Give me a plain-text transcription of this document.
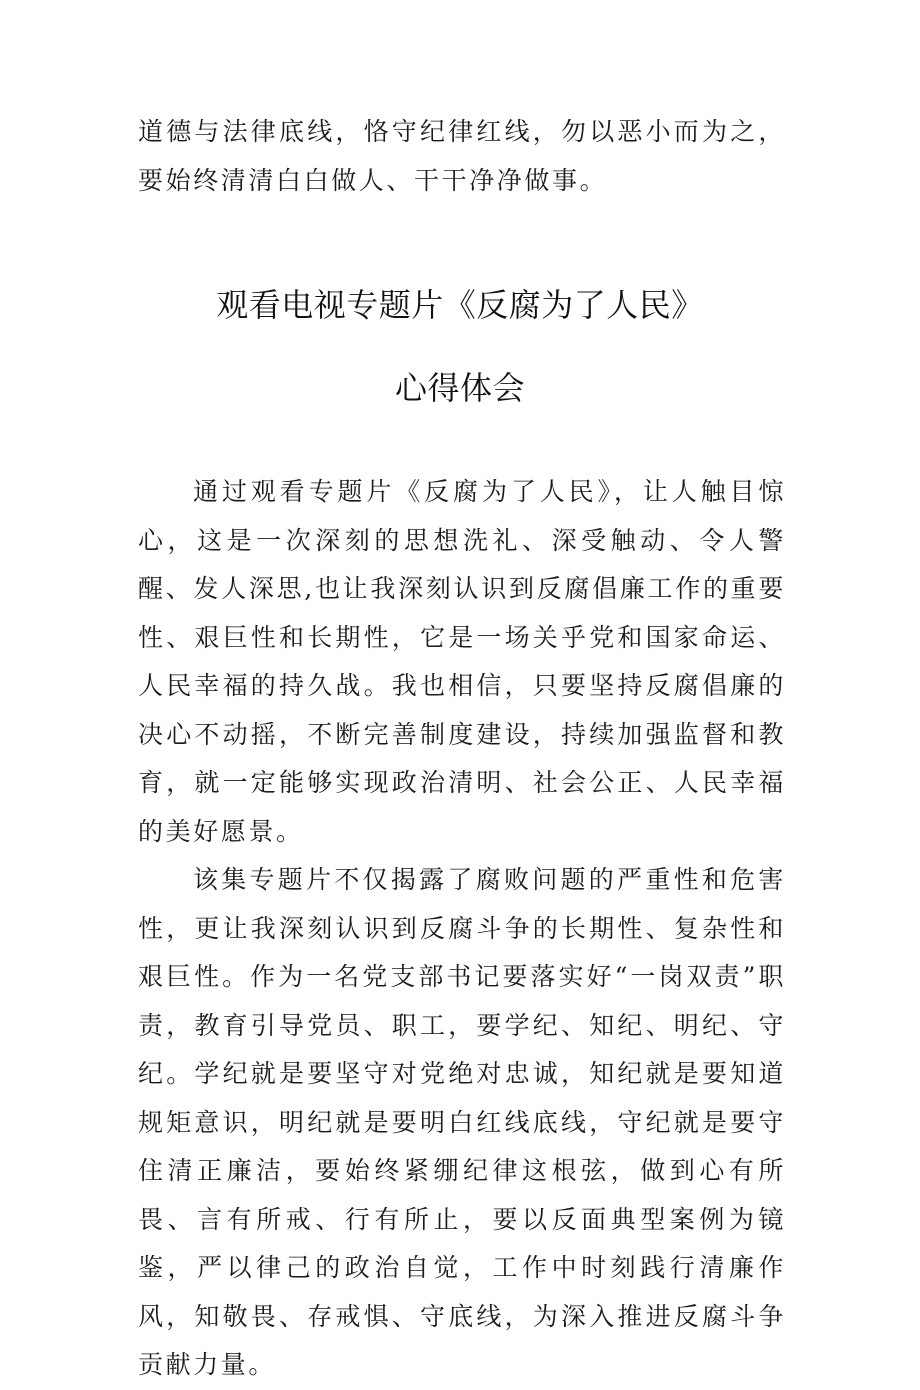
道德与法律底线，恪守纪律红线，勿以恶小而为之，要始终清清白白做人、干干净净做事。

观看电视专题片《反腐为了人民》
心得体会

通过观看专题片《反腐为了人民》，让人触目惊心，这是一次深刻的思想洗礼、深受触动、令人警醒、发人深思,也让我深刻认识到反腐倡廉工作的重要性、艰巨性和长期性，它是一场关乎党和国家命运、人民幸福的持久战。我也相信，只要坚持反腐倡廉的决心不动摇，不断完善制度建设，持续加强监督和教育，就一定能够实现政治清明、社会公正、人民幸福的美好愿景。

该集专题片不仅揭露了腐败问题的严重性和危害性，更让我深刻认识到反腐斗争的长期性、复杂性和艰巨性。作为一名党支部书记要落实好“一岗双责”职责，教育引导党员、职工，要学纪、知纪、明纪、守纪。学纪就是要坚守对党绝对忠诚，知纪就是要知道规矩意识，明纪就是要明白红线底线，守纪就是要守住清正廉洁，要始终紧绷纪律这根弦，做到心有所畏、言有所戒、行有所止，要以反面典型案例为镜鉴，严以律己的政治自觉，工作中时刻践行清廉作风，知敬畏、存戒惧、守底线，为深入推进反腐斗争贡献力量。
